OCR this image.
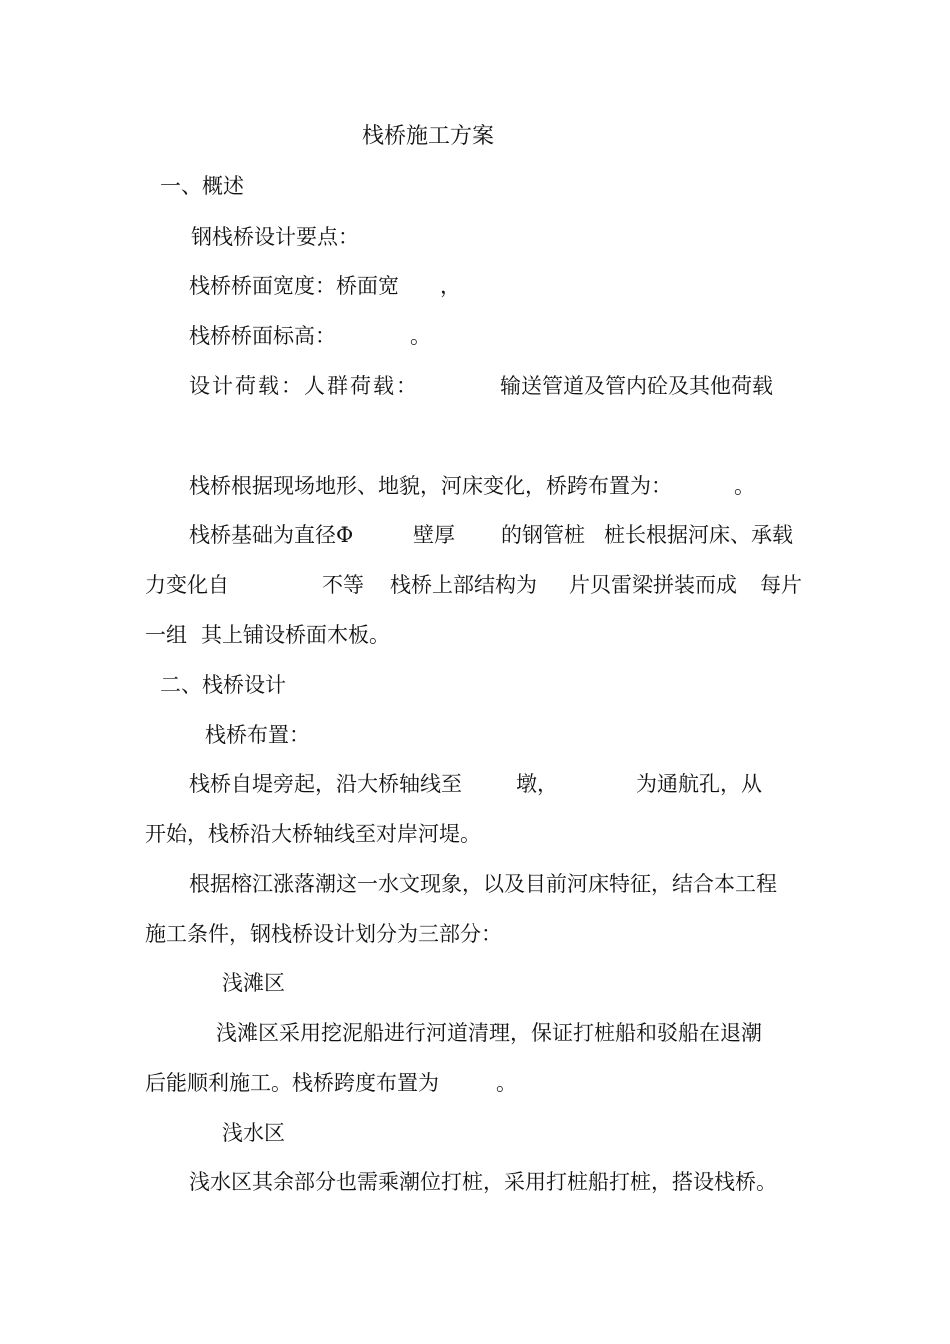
栈桥施工方案
一、概述
钢栈桥设计要点：
栈桥桥面宽度：桥面宽 ，
栈桥桥面标高：	。
设计荷载：人群荷载：	输送管道及管内砼及其他荷载
栈桥根据现场地形、地貌，河床变化，桥跨布置为：	。
栈桥基础为直径Φ	壁厚 的钢管桩 桩长根据河床、承载
力变化自	不等 栈桥上部结构为 片贝雷梁拼装而成 每片
一组 其上铺设桥面木板。
二、栈桥设计
栈桥布置：
栈桥自堤旁起，沿大桥轴线至	墩，	为通航孔，从
开始，栈桥沿大桥轴线至对岸河堤。
根据榕江涨落潮这一水文现象，以及目前河床特征，结合本工程
施工条件，钢栈桥设计划分为三部分：
浅滩区
浅滩区采用挖泥船进行河道清理，保证打桩船和驳船在退潮
后能顺利施工。栈桥跨度布置为	。
浅水区
浅水区其余部分也需乘潮位打桩，采用打桩船打桩，搭设栈桥。
